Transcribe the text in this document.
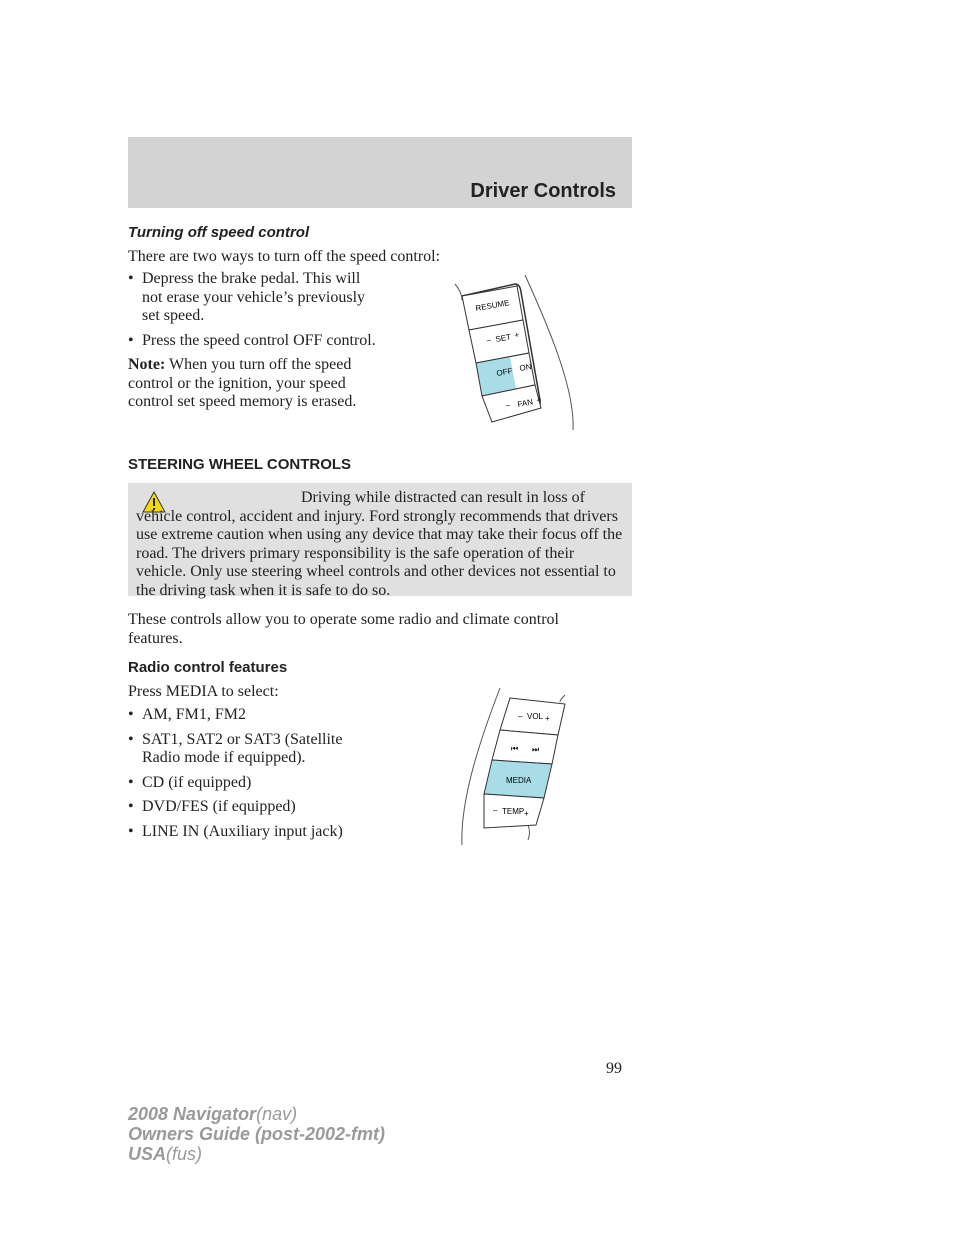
Driver Controls
Turning off speed control
There are two ways to turn off the speed control:
• Depress the brake pedal. This will not erase your vehicle’s previously set speed.
• Press the speed control OFF control.
Note: When you turn off the speed control or the ignition, your speed control set speed memory is erased.
RESUME
– SET +
OFF ON
– FAN +
STEERING WHEEL CONTROLS
Driving while distracted can result in loss of vehicle control, accident and injury. Ford strongly recommends that drivers use extreme caution when using any device that may take their focus off the road. The drivers primary responsibility is the safe operation of their vehicle. Only use steering wheel controls and other devices not essential to the driving task when it is safe to do so.
These controls allow you to operate some radio and climate control features.
Radio control features
Press MEDIA to select:
• AM, FM1, FM2
• SAT1, SAT2 or SAT3 (Satellite Radio mode if equipped).
• CD (if equipped)
• DVD/FES (if equipped)
• LINE IN (Auxiliary input jack)
– VOL +
⏮ ⏭
MEDIA
– TEMP +
99
2008 Navigator(nav)
Owners Guide (post-2002-fmt)
USA(fus)
